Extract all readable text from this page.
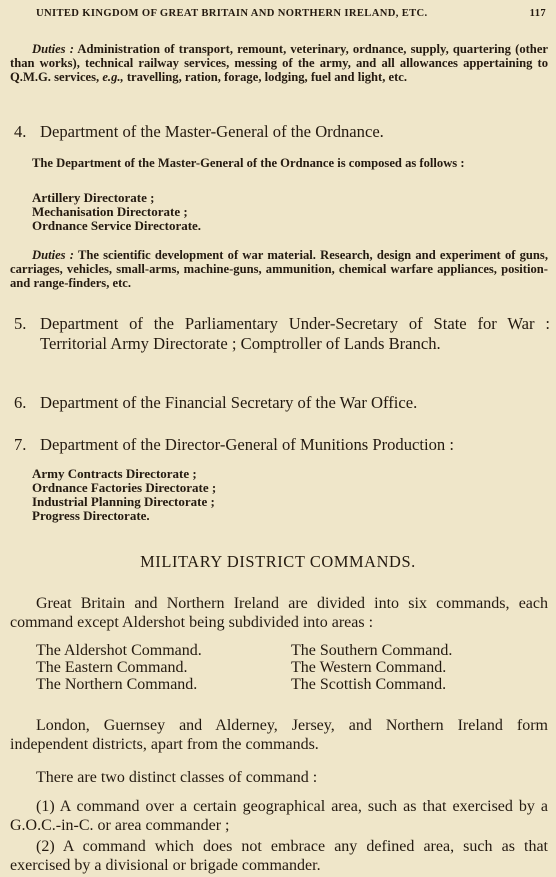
UNITED KINGDOM OF GREAT BRITAIN AND NORTHERN IRELAND, ETC.	117
Duties : Administration of transport, remount, veterinary, ordnance, supply, quartering (other than works), technical railway services, messing of the army, and all allowances appertaining to Q.M.G. services, e.g., travelling, ration, forage, lodging, fuel and light, etc.
4. Department of the Master-General of the Ordnance.
The Department of the Master-General of the Ordnance is composed as follows :
Artillery Directorate ;
Mechanisation Directorate ;
Ordnance Service Directorate.
Duties : The scientific development of war material. Research, design and experiment of guns, carriages, vehicles, small-arms, machine-guns, ammunition, chemical warfare appliances, position- and range-finders, etc.
5. Department of the Parliamentary Under-Secretary of State for War : Territorial Army Directorate ; Comptroller of Lands Branch.
6. Department of the Financial Secretary of the War Office.
7. Department of the Director-General of Munitions Production :
Army Contracts Directorate ;
Ordnance Factories Directorate ;
Industrial Planning Directorate ;
Progress Directorate.
MILITARY DISTRICT COMMANDS.
Great Britain and Northern Ireland are divided into six commands, each command except Aldershot being subdivided into areas :
The Aldershot Command.
The Eastern Command.
The Northern Command.
The Southern Command.
The Western Command.
The Scottish Command.
London, Guernsey and Alderney, Jersey, and Northern Ireland form independent districts, apart from the commands.
There are two distinct classes of command :
(1) A command over a certain geographical area, such as that exercised by a G.O.C.-in-C. or area commander ;
(2) A command which does not embrace any defined area, such as that exercised by a divisional or brigade commander.
